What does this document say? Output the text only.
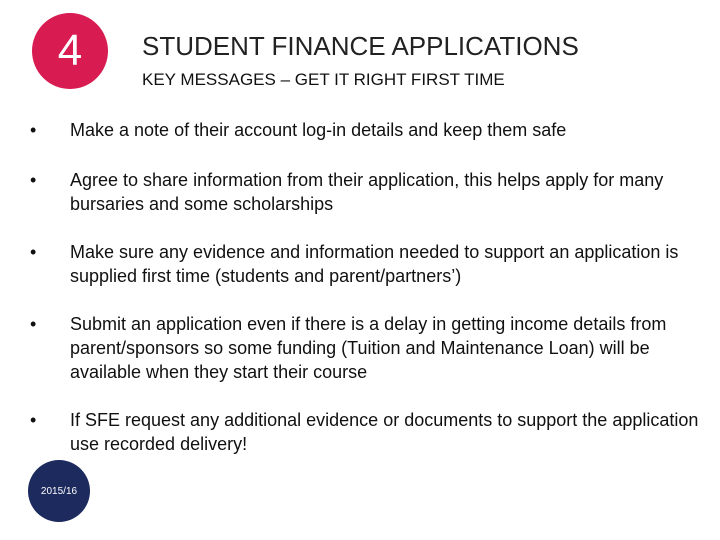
4 STUDENT FINANCE APPLICATIONS
KEY MESSAGES – GET IT RIGHT FIRST TIME
•	Make a note of their account log-in details and keep them safe
•	Agree to share information from their application, this helps apply for many bursaries and some scholarships
•	Make sure any evidence and information needed to support an application is supplied first time (students and parent/partners’)
•	Submit an application even if there is a delay in getting income details from parent/sponsors so some funding (Tuition and Maintenance Loan) will be available when they start their course
•	If SFE request any additional evidence or documents to support the application use recorded delivery!
2015/16
